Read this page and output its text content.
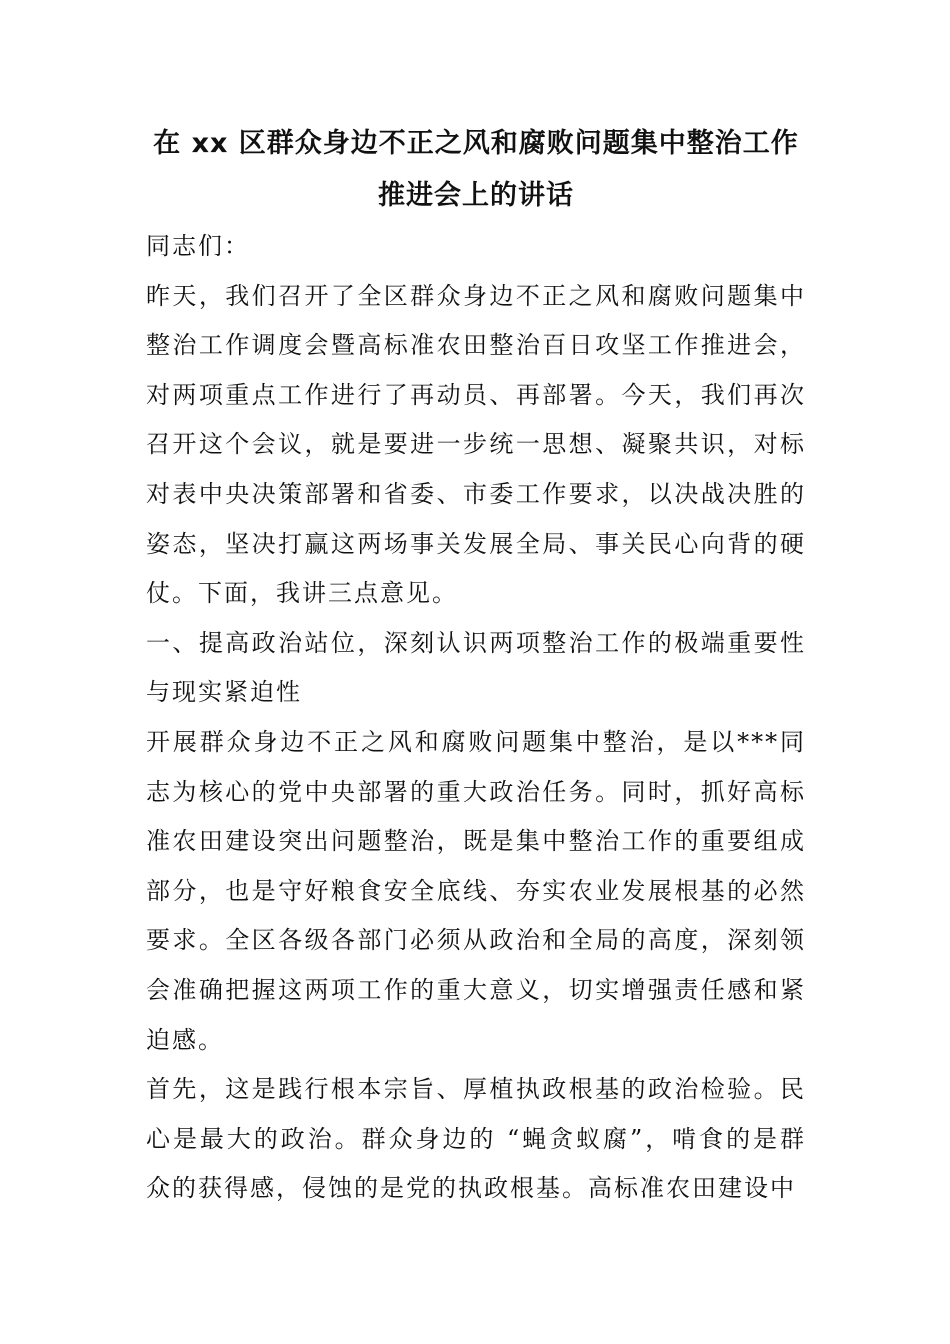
在 xx 区群众身边不正之风和腐败问题集中整治工作
推进会上的讲话

同志们：

昨天，我们召开了全区群众身边不正之风和腐败问题集中整治工作调度会暨高标准农田整治百日攻坚工作推进会，对两项重点工作进行了再动员、再部署。今天，我们再次召开这个会议，就是要进一步统一思想、凝聚共识，对标对表中央决策部署和省委、市委工作要求，以决战决胜的姿态，坚决打赢这两场事关发展全局、事关民心向背的硬仗。下面，我讲三点意见。

一、提高政治站位，深刻认识两项整治工作的极端重要性与现实紧迫性

开展群众身边不正之风和腐败问题集中整治，是以***同志为核心的党中央部署的重大政治任务。同时，抓好高标准农田建设突出问题整治，既是集中整治工作的重要组成部分，也是守好粮食安全底线、夯实农业发展根基的必然要求。全区各级各部门必须从政治和全局的高度，深刻领会准确把握这两项工作的重大意义，切实增强责任感和紧迫感。

首先，这是践行根本宗旨、厚植执政根基的政治检验。民心是最大的政治。群众身边的 “蝇贪蚁腐”，啃食的是群众的获得感，侵蚀的是党的执政根基。高标准农田建设中
